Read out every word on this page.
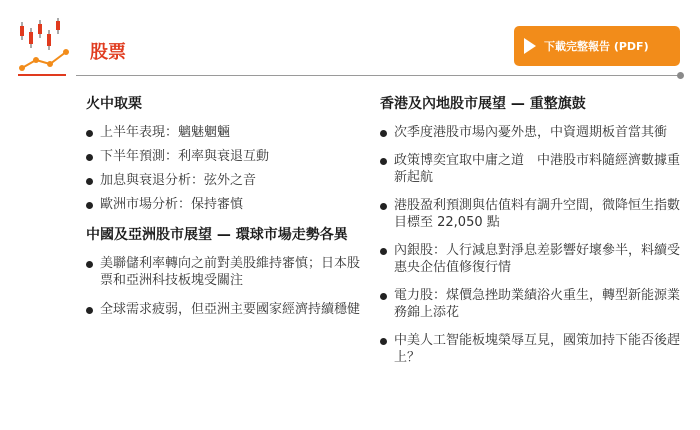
股票	下載完整報告 (PDF)
火中取栗
上半年表現：魑魅魍魎
下半年預測：利率與衰退互動
加息與衰退分析：弦外之音
歐洲市場分析：保持審慎
中國及亞洲股市展望 — 環球市場走勢各異
美聯儲利率轉向之前對美股維持審慎；日本股票和亞洲科技板塊受關注
全球需求疲弱，但亞洲主要國家經濟持續穩健
香港及內地股市展望 — 重整旗鼓
次季度港股市場內憂外患，中資週期板首當其衝
政策博奕宜取中庸之道　中港股市料隨經濟數據重新起航
港股盈利預測與估值料有調升空間，微降恒生指數目標至 22,050 點
內銀股：人行減息對淨息差影響好壞參半，料續受惠央企估值修復行情
電力股：煤價急挫助業績浴火重生，轉型新能源業務錦上添花
中美人工智能板塊榮辱互見，國策加持下能否後趕上？
